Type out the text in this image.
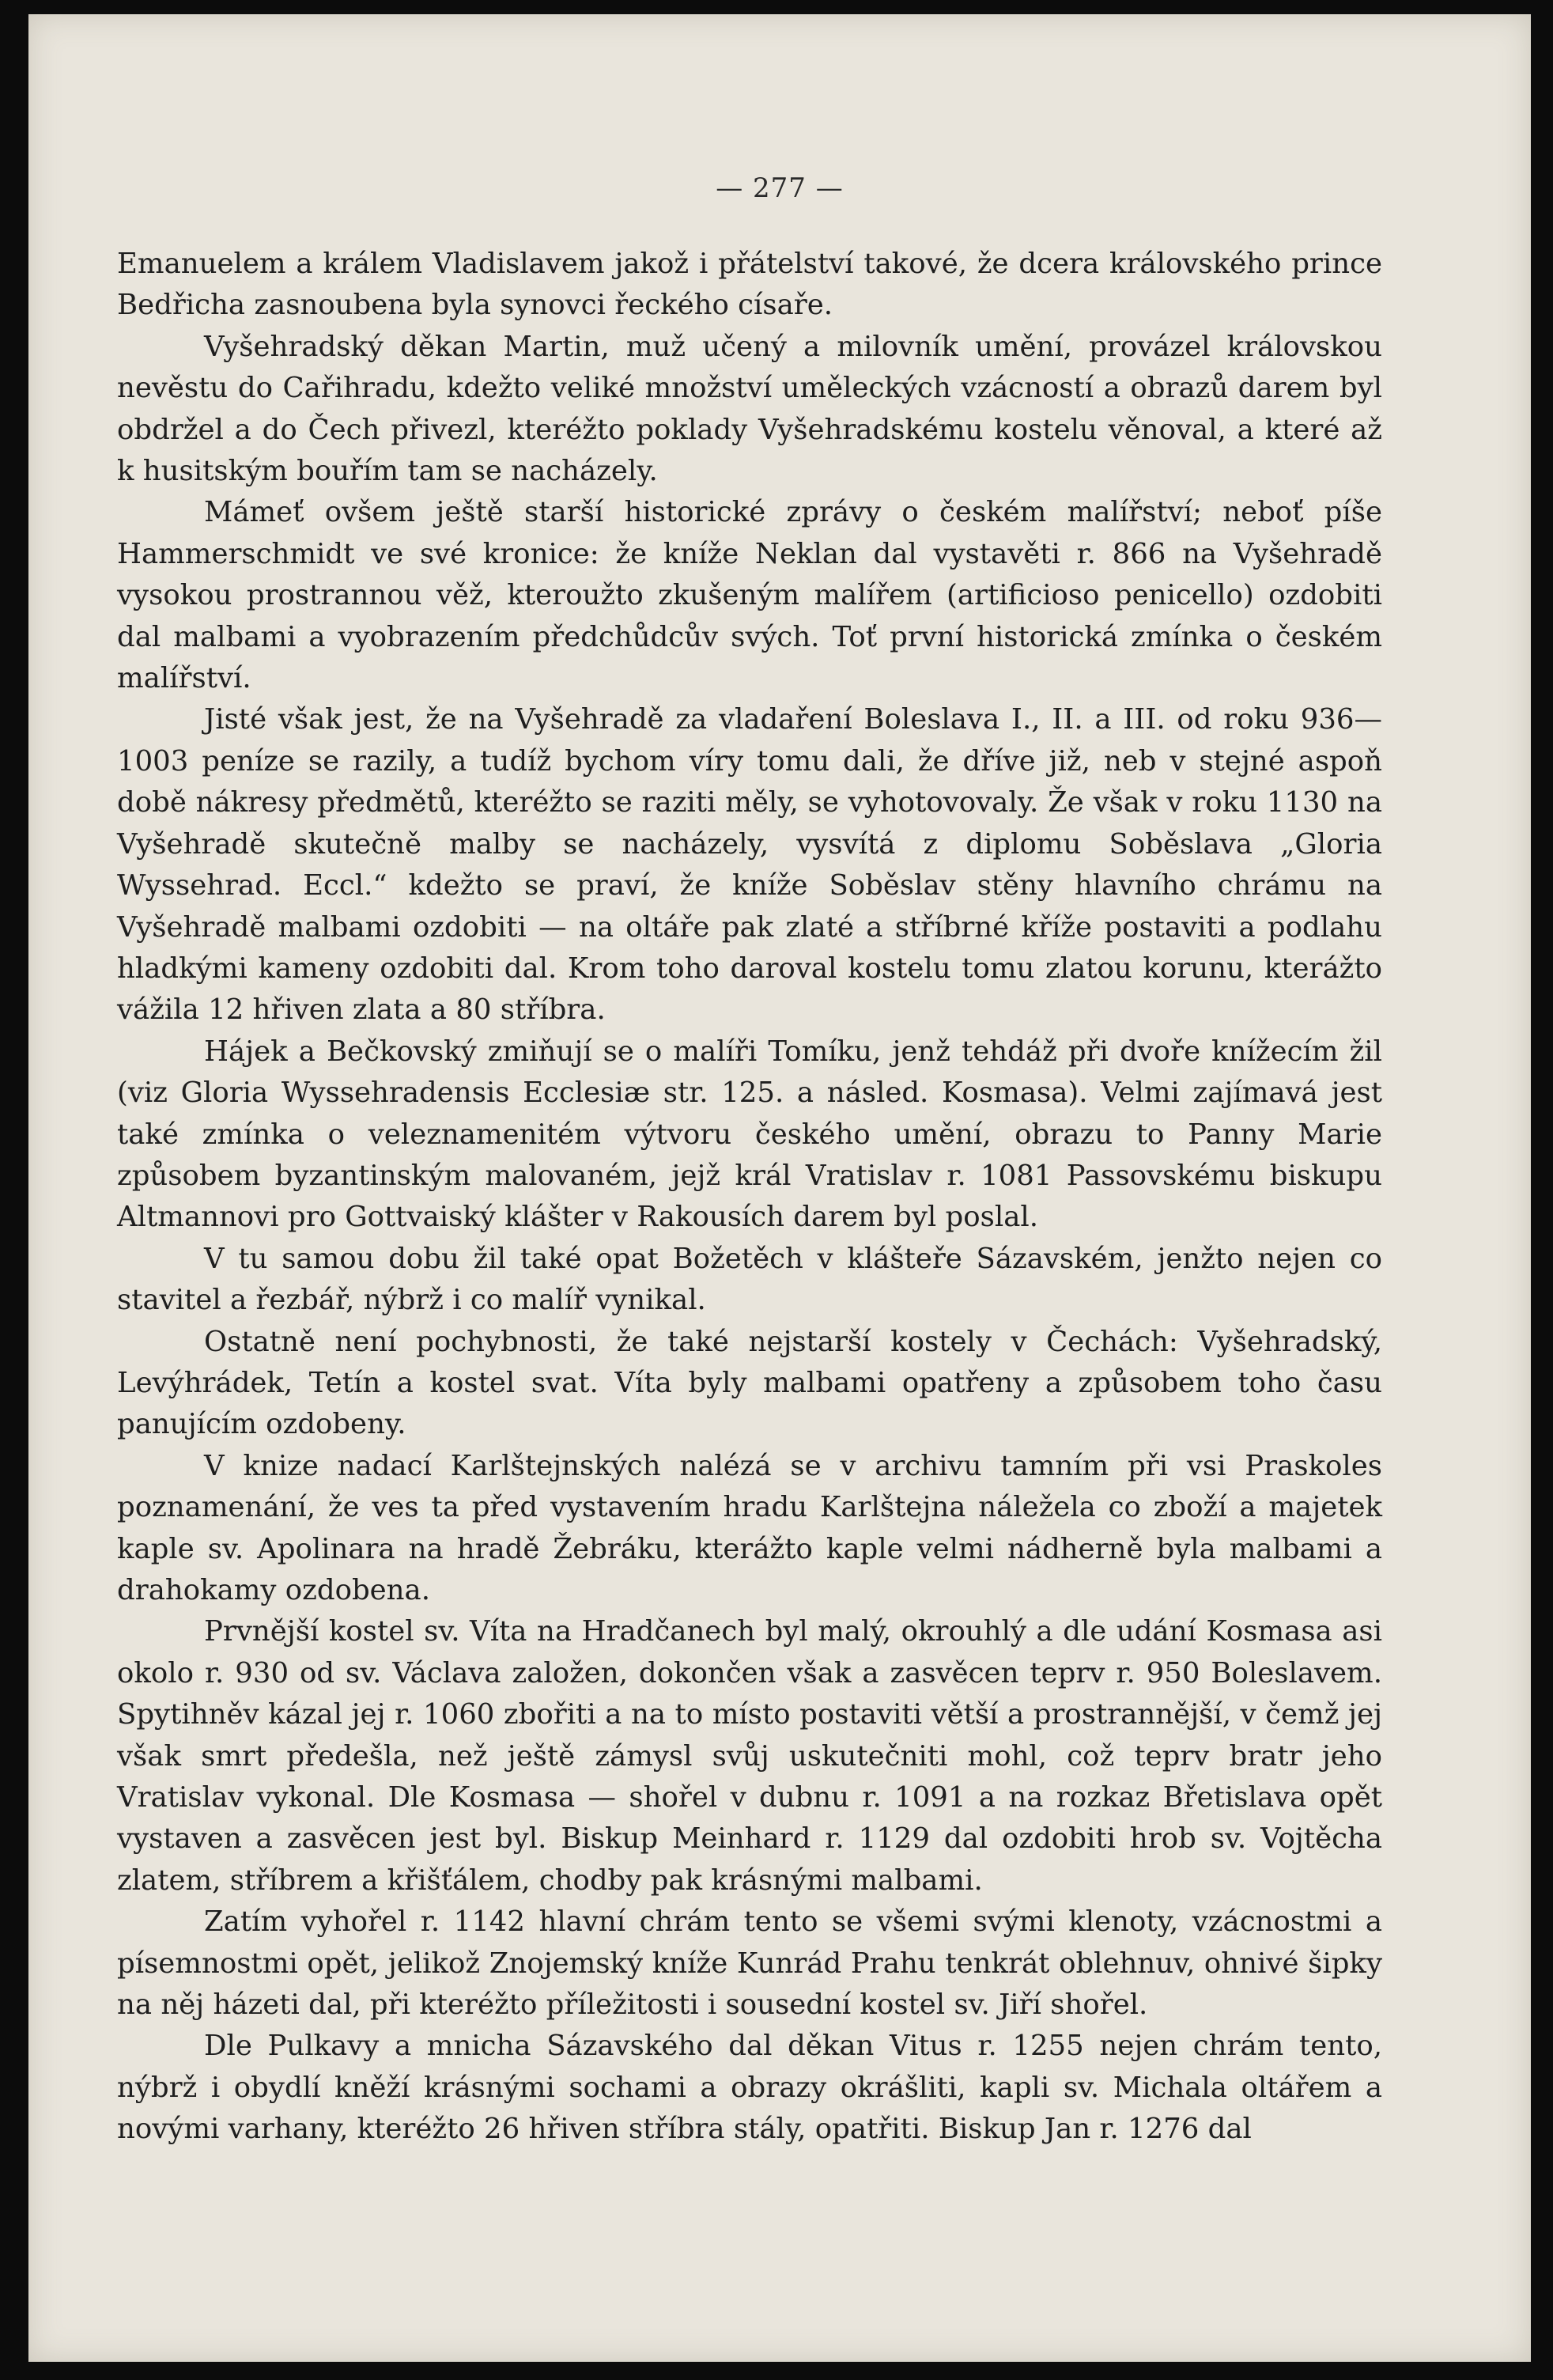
— 277 —

Emanuelem a králem Vladislavem jakož i přátelství takové, že dcera královského prince Bedřicha zasnoubena byla synovci řeckého císaře.

Vyšehradský děkan Martin, muž učený a milovník umění, provázel královskou nevěstu do Cařihradu, kdežto veliké množství uměleckých vzácností a obrazů darem byl obdržel a do Čech přivezl, kteréžto poklady Vyšehradskému kostelu věnoval, a které až k husitským bouřím tam se nacházely.

Mámeť ovšem ještě starší historické zprávy o českém malířství; neboť píše Hammerschmidt ve své kronice: že kníže Neklan dal vystavěti r. 866 na Vyšehradě vysokou prostrannou věž, kteroužto zkušeným malířem (artificioso penicello) ozdobiti dal malbami a vyobrazením předchůdcův svých. Toť první historická zmínka o českém malířství.

Jisté však jest, že na Vyšehradě za vladaření Boleslava I., II. a III. od roku 936—1003 peníze se razily, a tudíž bychom víry tomu dali, že dříve již, neb v stejné aspoň době nákresy předmětů, kteréžto se raziti měly, se vyhotovovaly. Že však v roku 1130 na Vyšehradě skutečně malby se nacházely, vysvítá z diplomu Soběslava „Gloria Wyssehrad. Eccl.“ kdežto se praví, že kníže Soběslav stěny hlavního chrámu na Vyšehradě malbami ozdobiti — na oltáře pak zlaté a stříbrné kříže postaviti a podlahu hladkými kameny ozdobiti dal. Krom toho daroval kostelu tomu zlatou korunu, kterážto vážila 12 hřiven zlata a 80 stříbra.

Hájek a Bečkovský zmiňují se o malíři Tomíku, jenž tehdáž při dvoře knížecím žil (viz Gloria Wyssehradensis Ecclesiæ str. 125. a násled. Kosmasa). Velmi zajímavá jest také zmínka o veleznamenitém výtvoru českého umění, obrazu to Panny Marie způsobem byzantinským malovaném, jejž král Vratislav r. 1081 Passovskému biskupu Altmannovi pro Gottvaiský klášter v Rakousích darem byl poslal.

V tu samou dobu žil také opat Božetěch v klášteře Sázavském, jenžto nejen co stavitel a řezbář, nýbrž i co malíř vynikal.

Ostatně není pochybnosti, že také nejstarší kostely v Čechách: Vyšehradský, Levýhrádek, Tetín a kostel svat. Víta byly malbami opatřeny a způsobem toho času panujícím ozdobeny.

V knize nadací Karlštejnských nalézá se v archivu tamním při vsi Praskoles poznamenání, že ves ta před vystavením hradu Karlštejna náležela co zboží a majetek kaple sv. Apolinara na hradě Žebráku, kterážto kaple velmi nádherně byla malbami a drahokamy ozdobena.

Prvnější kostel sv. Víta na Hradčanech byl malý, okrouhlý a dle udání Kosmasa asi okolo r. 930 od sv. Václava založen, dokončen však a zasvěcen teprv r. 950 Boleslavem. Spytihněv kázal jej r. 1060 zbořiti a na to místo postaviti větší a prostrannější, v čemž jej však smrt předešla, než ještě zámysl svůj uskutečniti mohl, což teprv bratr jeho Vratislav vykonal. Dle Kosmasa — shořel v dubnu r. 1091 a na rozkaz Břetislava opět vystaven a zasvěcen jest byl. Biskup Meinhard r. 1129 dal ozdobiti hrob sv. Vojtěcha zlatem, stříbrem a křišťálem, chodby pak krásnými malbami.

Zatím vyhořel r. 1142 hlavní chrám tento se všemi svými klenoty, vzácnostmi a písemnostmi opět, jelikož Znojemský kníže Kunrád Prahu tenkrát oblehnuv, ohnivé šipky na něj házeti dal, při kteréžto příležitosti i sousední kostel sv. Jiří shořel.

Dle Pulkavy a mnicha Sázavského dal děkan Vitus r. 1255 nejen chrám tento, nýbrž i obydlí kněží krásnými sochami a obrazy okrášliti, kapli sv. Michala oltářem a novými varhany, kteréžto 26 hřiven stříbra stály, opatřiti. Biskup Jan r. 1276 dal
